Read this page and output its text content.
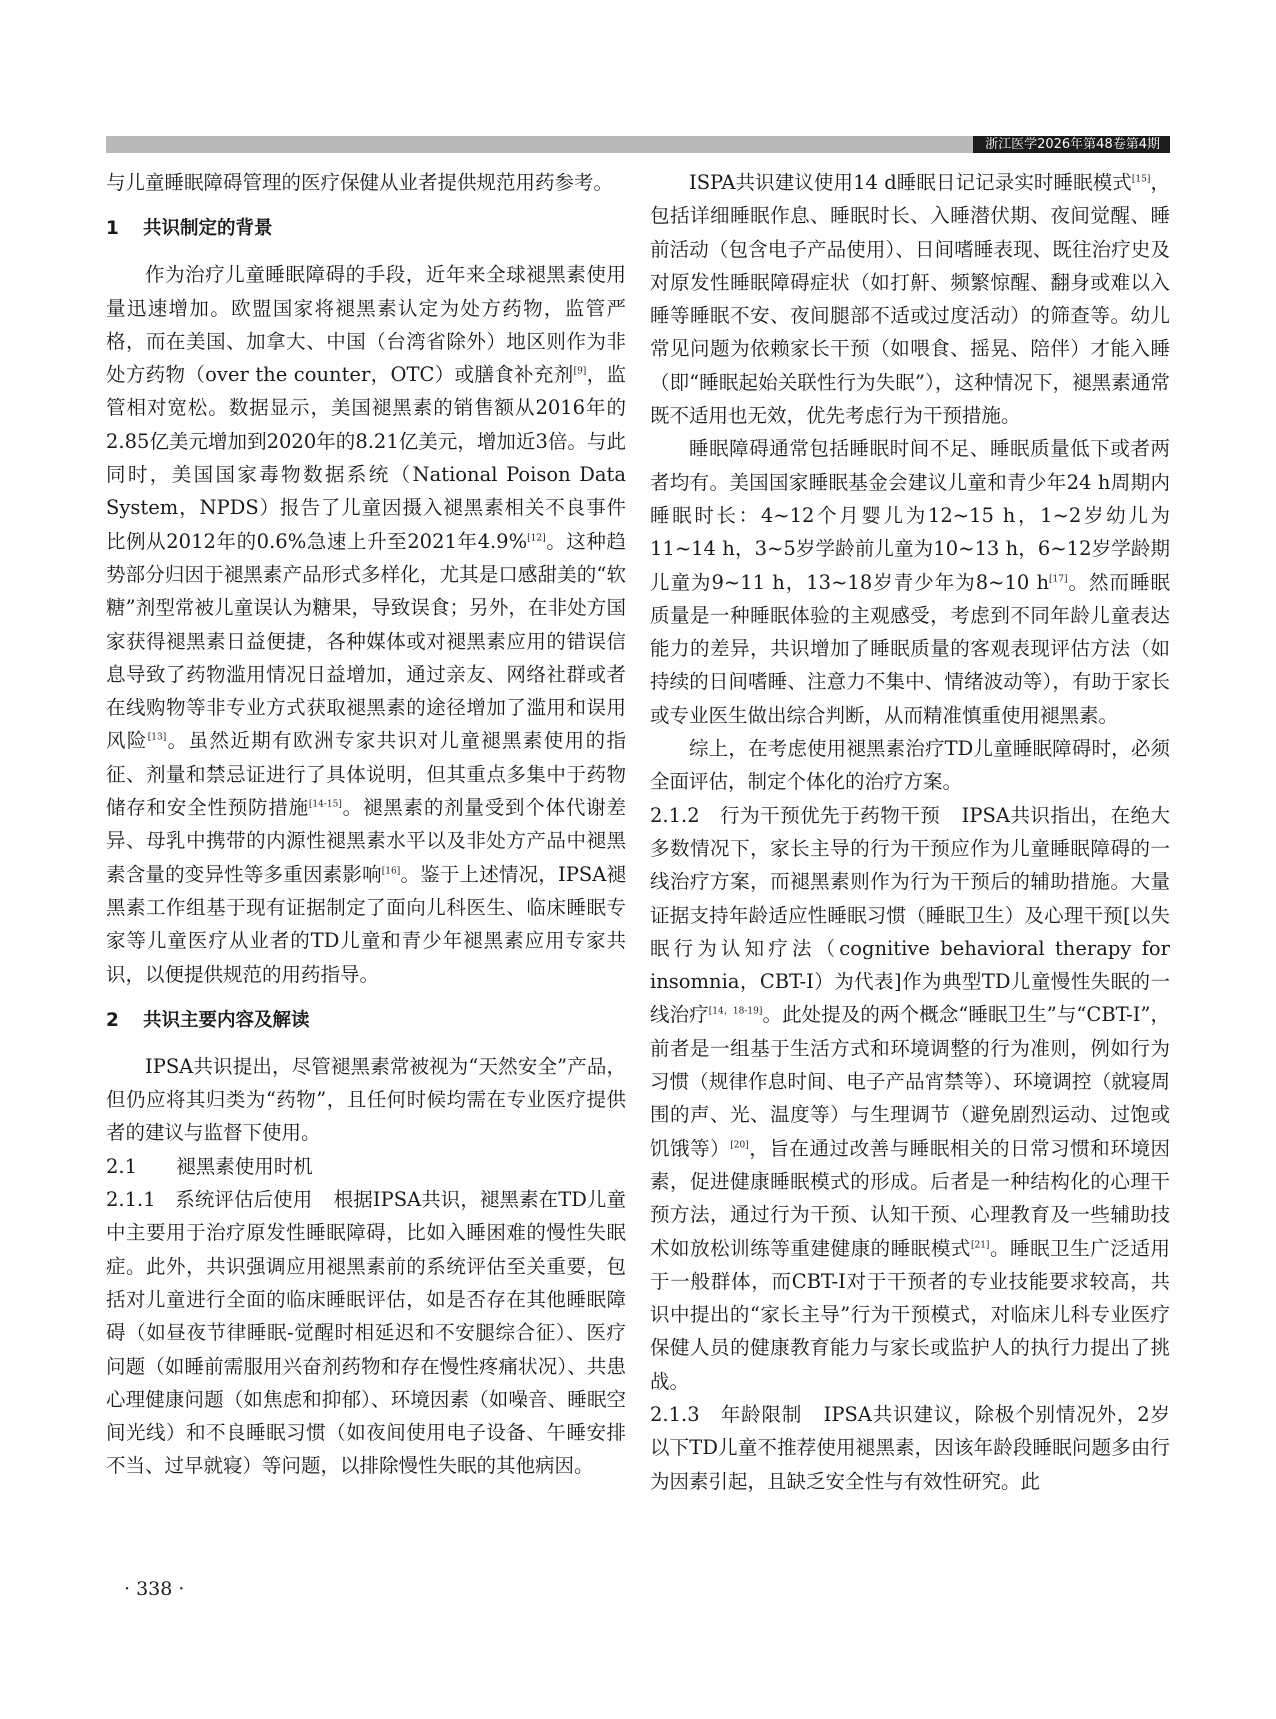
浙江医学2026年第48卷第4期

与儿童睡眠障碍管理的医疗保健从业者提供规范用药参考。

1 共识制定的背景

作为治疗儿童睡眠障碍的手段，近年来全球褪黑素使用量迅速增加。欧盟国家将褪黑素认定为处方药物，监管严格，而在美国、加拿大、中国（台湾省除外）地区则作为非处方药物（over the counter，OTC）或膳食补充剂[9]，监管相对宽松。数据显示，美国褪黑素的销售额从2016年的2.85亿美元增加到2020年的8.21亿美元，增加近3倍。与此同时，美国国家毒物数据系统（National Poison Data System，NPDS）报告了儿童因摄入褪黑素相关不良事件比例从2012年的0.6%急速上升至2021年4.9%[12]。这种趋势部分归因于褪黑素产品形式多样化，尤其是口感甜美的“软糖”剂型常被儿童误认为糖果，导致误食；另外，在非处方国家获得褪黑素日益便捷，各种媒体或对褪黑素应用的错误信息导致了药物滥用情况日益增加，通过亲友、网络社群或者在线购物等非专业方式获取褪黑素的途径增加了滥用和误用风险[13]。虽然近期有欧洲专家共识对儿童褪黑素使用的指征、剂量和禁忌证进行了具体说明，但其重点多集中于药物储存和安全性预防措施[14-15]。褪黑素的剂量受到个体代谢差异、母乳中携带的内源性褪黑素水平以及非处方产品中褪黑素含量的变异性等多重因素影响[16]。鉴于上述情况，IPSA褪黑素工作组基于现有证据制定了面向儿科医生、临床睡眠专家等儿童医疗从业者的TD儿童和青少年褪黑素应用专家共识，以便提供规范的用药指导。

2 共识主要内容及解读

IPSA共识提出，尽管褪黑素常被视为“天然安全”产品，但仍应将其归类为“药物”，且任何时候均需在专业医疗提供者的建议与监督下使用。

2.1 褪黑素使用时机

2.1.1　 系统评估后使用 根据IPSA共识，褪黑素在TD儿童中主要用于治疗原发性睡眠障碍，比如入睡困难的慢性失眠症。此外，共识强调应用褪黑素前的系统评估至关重要，包括对儿童进行全面的临床睡眠评估，如是否存在其他睡眠障碍（如昼夜节律睡眠-觉醒时相延迟和不安腿综合征）、医疗问题（如睡前需服用兴奋剂药物和存在慢性疼痛状况）、共患心理健康问题（如焦虑和抑郁）、环境因素（如噪音、睡眠空间光线）和不良睡眠习惯（如夜间使用电子设备、午睡安排不当、过早就寝）等问题，以排除慢性失眠的其他病因。

ISPA共识建议使用14 d睡眠日记记录实时睡眠模式[15]，包括详细睡眠作息、睡眠时长、入睡潜伏期、夜间觉醒、睡前活动（包含电子产品使用）、日间嗜睡表现、既往治疗史及对原发性睡眠障碍症状（如打鼾、频繁惊醒、翻身或难以入睡等睡眠不安、夜间腿部不适或过度活动）的筛查等。幼儿常见问题为依赖家长干预（如喂食、摇晃、陪伴）才能入睡（即“睡眠起始关联性行为失眠”），这种情况下，褪黑素通常既不适用也无效，优先考虑行为干预措施。

睡眠障碍通常包括睡眠时间不足、睡眠质量低下或者两者均有。美国国家睡眠基金会建议儿童和青少年24 h周期内睡眠时长：4~12个月婴儿为12~15 h，1~2岁幼儿为11~14 h，3~5岁学龄前儿童为10~13 h，6~12岁学龄期儿童为9~11 h，13~18岁青少年为8~10 h[17]。然而睡眠质量是一种睡眠体验的主观感受，考虑到不同年龄儿童表达能力的差异，共识增加了睡眠质量的客观表现评估方法（如持续的日间嗜睡、注意力不集中、情绪波动等），有助于家长或专业医生做出综合判断，从而精准慎重使用褪黑素。

综上，在考虑使用褪黑素治疗TD儿童睡眠障碍时，必须全面评估，制定个体化的治疗方案。

2.1.2　 行为干预优先于药物干预 IPSA共识指出，在绝大多数情况下，家长主导的行为干预应作为儿童睡眠障碍的一线治疗方案，而褪黑素则作为行为干预后的辅助措施。大量证据支持年龄适应性睡眠习惯（睡眠卫生）及心理干预[以失眠行为认知疗法（cognitive behavioral therapy for insomnia，CBT-I）为代表]作为典型TD儿童慢性失眠的一线治疗[14，18-19]。此处提及的两个概念“睡眠卫生”与“CBT-I”，前者是一组基于生活方式和环境调整的行为准则，例如行为习惯（规律作息时间、电子产品宵禁等）、环境调控（就寝周围的声、光、温度等）与生理调节（避免剧烈运动、过饱或饥饿等）[20]，旨在通过改善与睡眠相关的日常习惯和环境因素，促进健康睡眠模式的形成。后者是一种结构化的心理干预方法，通过行为干预、认知干预、心理教育及一些辅助技术如放松训练等重建健康的睡眠模式[21]。睡眠卫生广泛适用于一般群体，而CBT-I对于干预者的专业技能要求较高，共识中提出的“家长主导”行为干预模式，对临床儿科专业医疗保健人员的健康教育能力与家长或监护人的执行力提出了挑战。

2.1.3　 年龄限制 IPSA共识建议，除极个别情况外，2岁以下TD儿童不推荐使用褪黑素，因该年龄段睡眠问题多由行为因素引起，且缺乏安全性与有效性研究。此

· 338 ·
